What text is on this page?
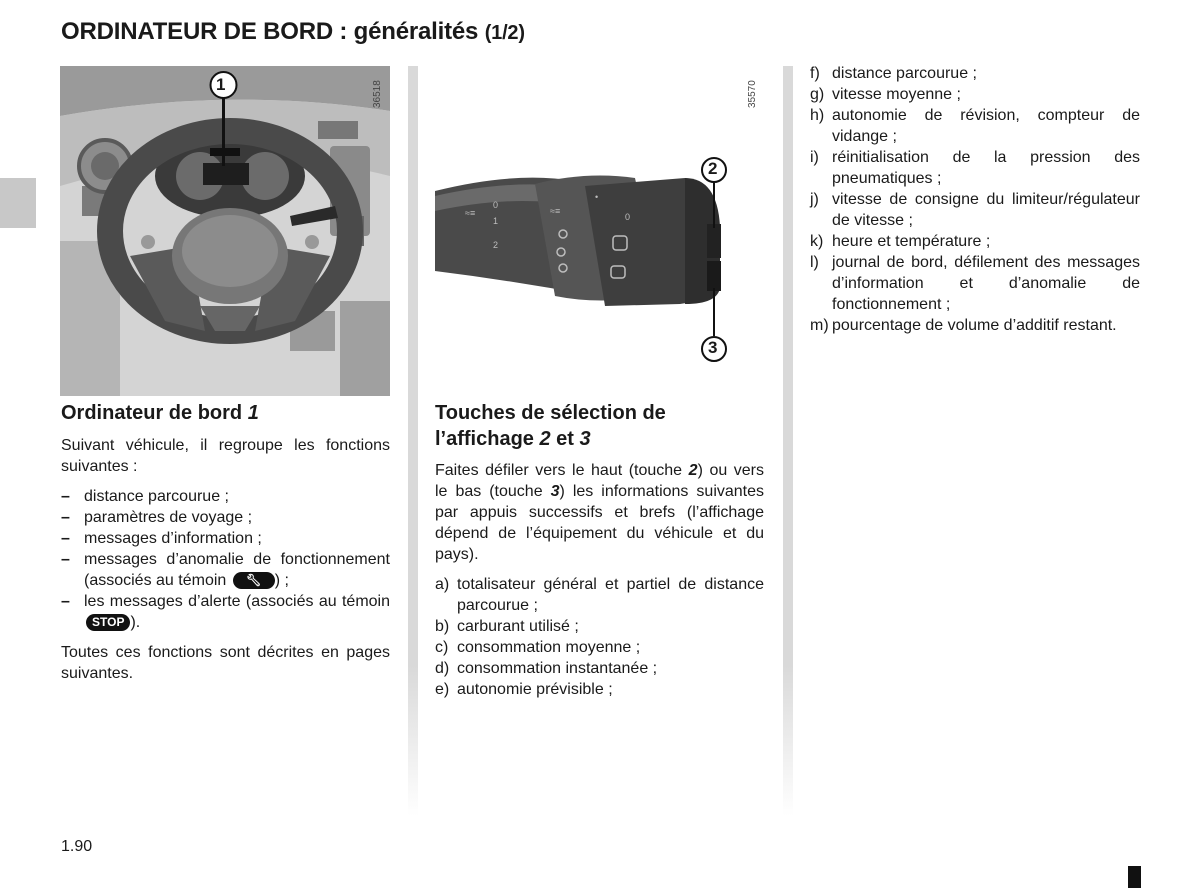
ORDINATEUR DE BORD : généralités (1/2)
1	36518
≈≡
0
1
2
≈≡
•
0
2
3
35570
Ordinateur de bord 1

Suivant véhicule, il regroupe les fonctions suivantes :

– distance parcourue ;
– paramètres de voyage ;
– messages d’information ;
– messages d’anomalie de fonctionnement (associés au témoin 🔧︎ ) ;
– les messages d’alerte (associés au témoin STOP ).

Toutes ces fonctions sont décrites en pages suivantes.

Touches de sélection de
l’affichage 2 et 3

Faites défiler vers le haut (touche 2) ou vers le bas (touche 3) les informations suivantes par appuis successifs et brefs (l’affichage dépend de l’équipement du véhicule et du pays).

a) totalisateur général et partiel de distance parcourue ;
b) carburant utilisé ;
c) consommation moyenne ;
d) consommation instantanée ;
e) autonomie prévisible ;
f) distance parcourue ;
g) vitesse moyenne ;
h) autonomie de révision, compteur de vidange ;
i) réinitialisation de la pression des pneumatiques ;
j) vitesse de consigne du limiteur/régulateur de vitesse ;
k) heure et température ;
l) journal de bord, défilement des messages d’information et d’anomalie de fonctionnement ;
m) pourcentage de volume d’additif restant.
1.90
